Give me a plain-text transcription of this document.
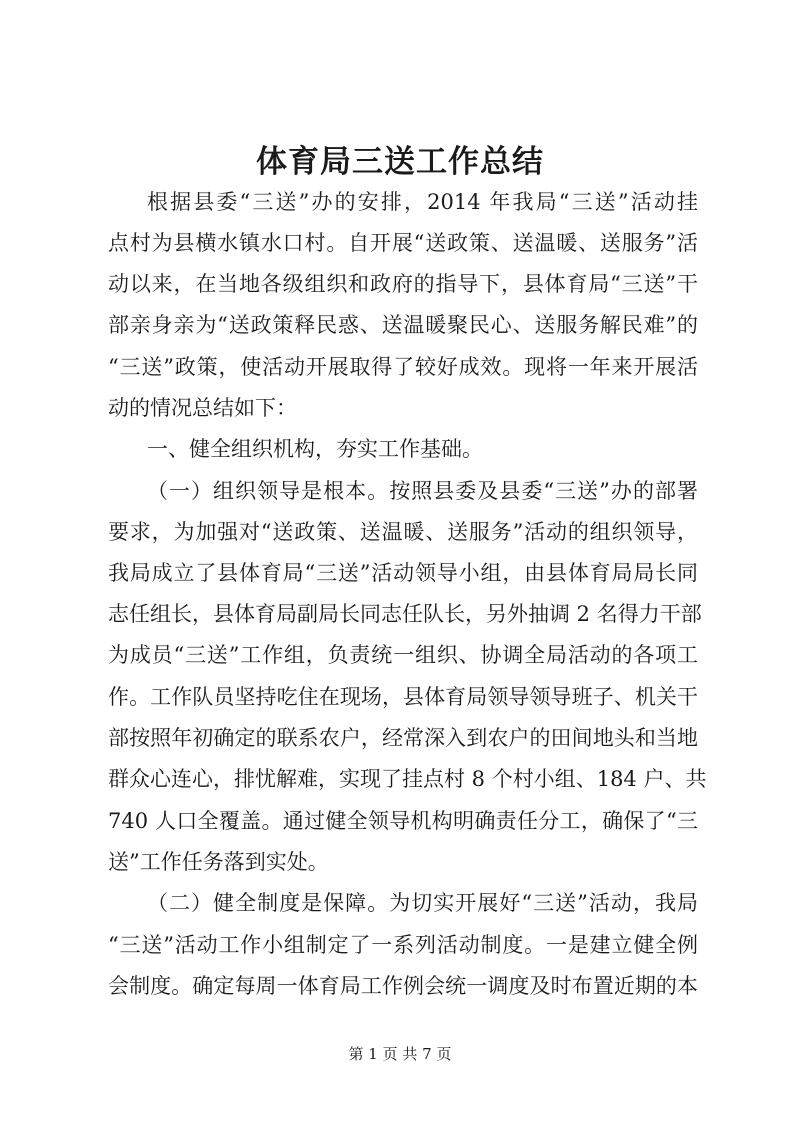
体育局三送工作总结
根据县委“三送”办的安排，2014 年我局“三送”活动挂
点村为县横水镇水口村。自开展“送政策、送温暖、送服务”活
动以来，在当地各级组织和政府的指导下，县体育局“三送”干
部亲身亲为“送政策释民惑、送温暖聚民心、送服务解民难”的
“三送”政策，使活动开展取得了较好成效。现将一年来开展活
动的情况总结如下：
一、健全组织机构，夯实工作基础。
（一）组织领导是根本。按照县委及县委“三送”办的部署
要求，为加强对“送政策、送温暖、送服务”活动的组织领导，
我局成立了县体育局“三送”活动领导小组，由县体育局局长同
志任组长，县体育局副局长同志任队长，另外抽调 2 名得力干部
为成员“三送”工作组，负责统一组织、协调全局活动的各项工
作。工作队员坚持吃住在现场，县体育局领导领导班子、机关干
部按照年初确定的联系农户，经常深入到农户的田间地头和当地
群众心连心，排忧解难，实现了挂点村 8 个村小组、184 户、共
740 人口全覆盖。通过健全领导机构明确责任分工，确保了“三
送”工作任务落到实处。
（二）健全制度是保障。为切实开展好“三送”活动，我局
“三送”活动工作小组制定了一系列活动制度。一是建立健全例
会制度。确定每周一体育局工作例会统一调度及时布置近期的本
第 1 页 共 7 页
